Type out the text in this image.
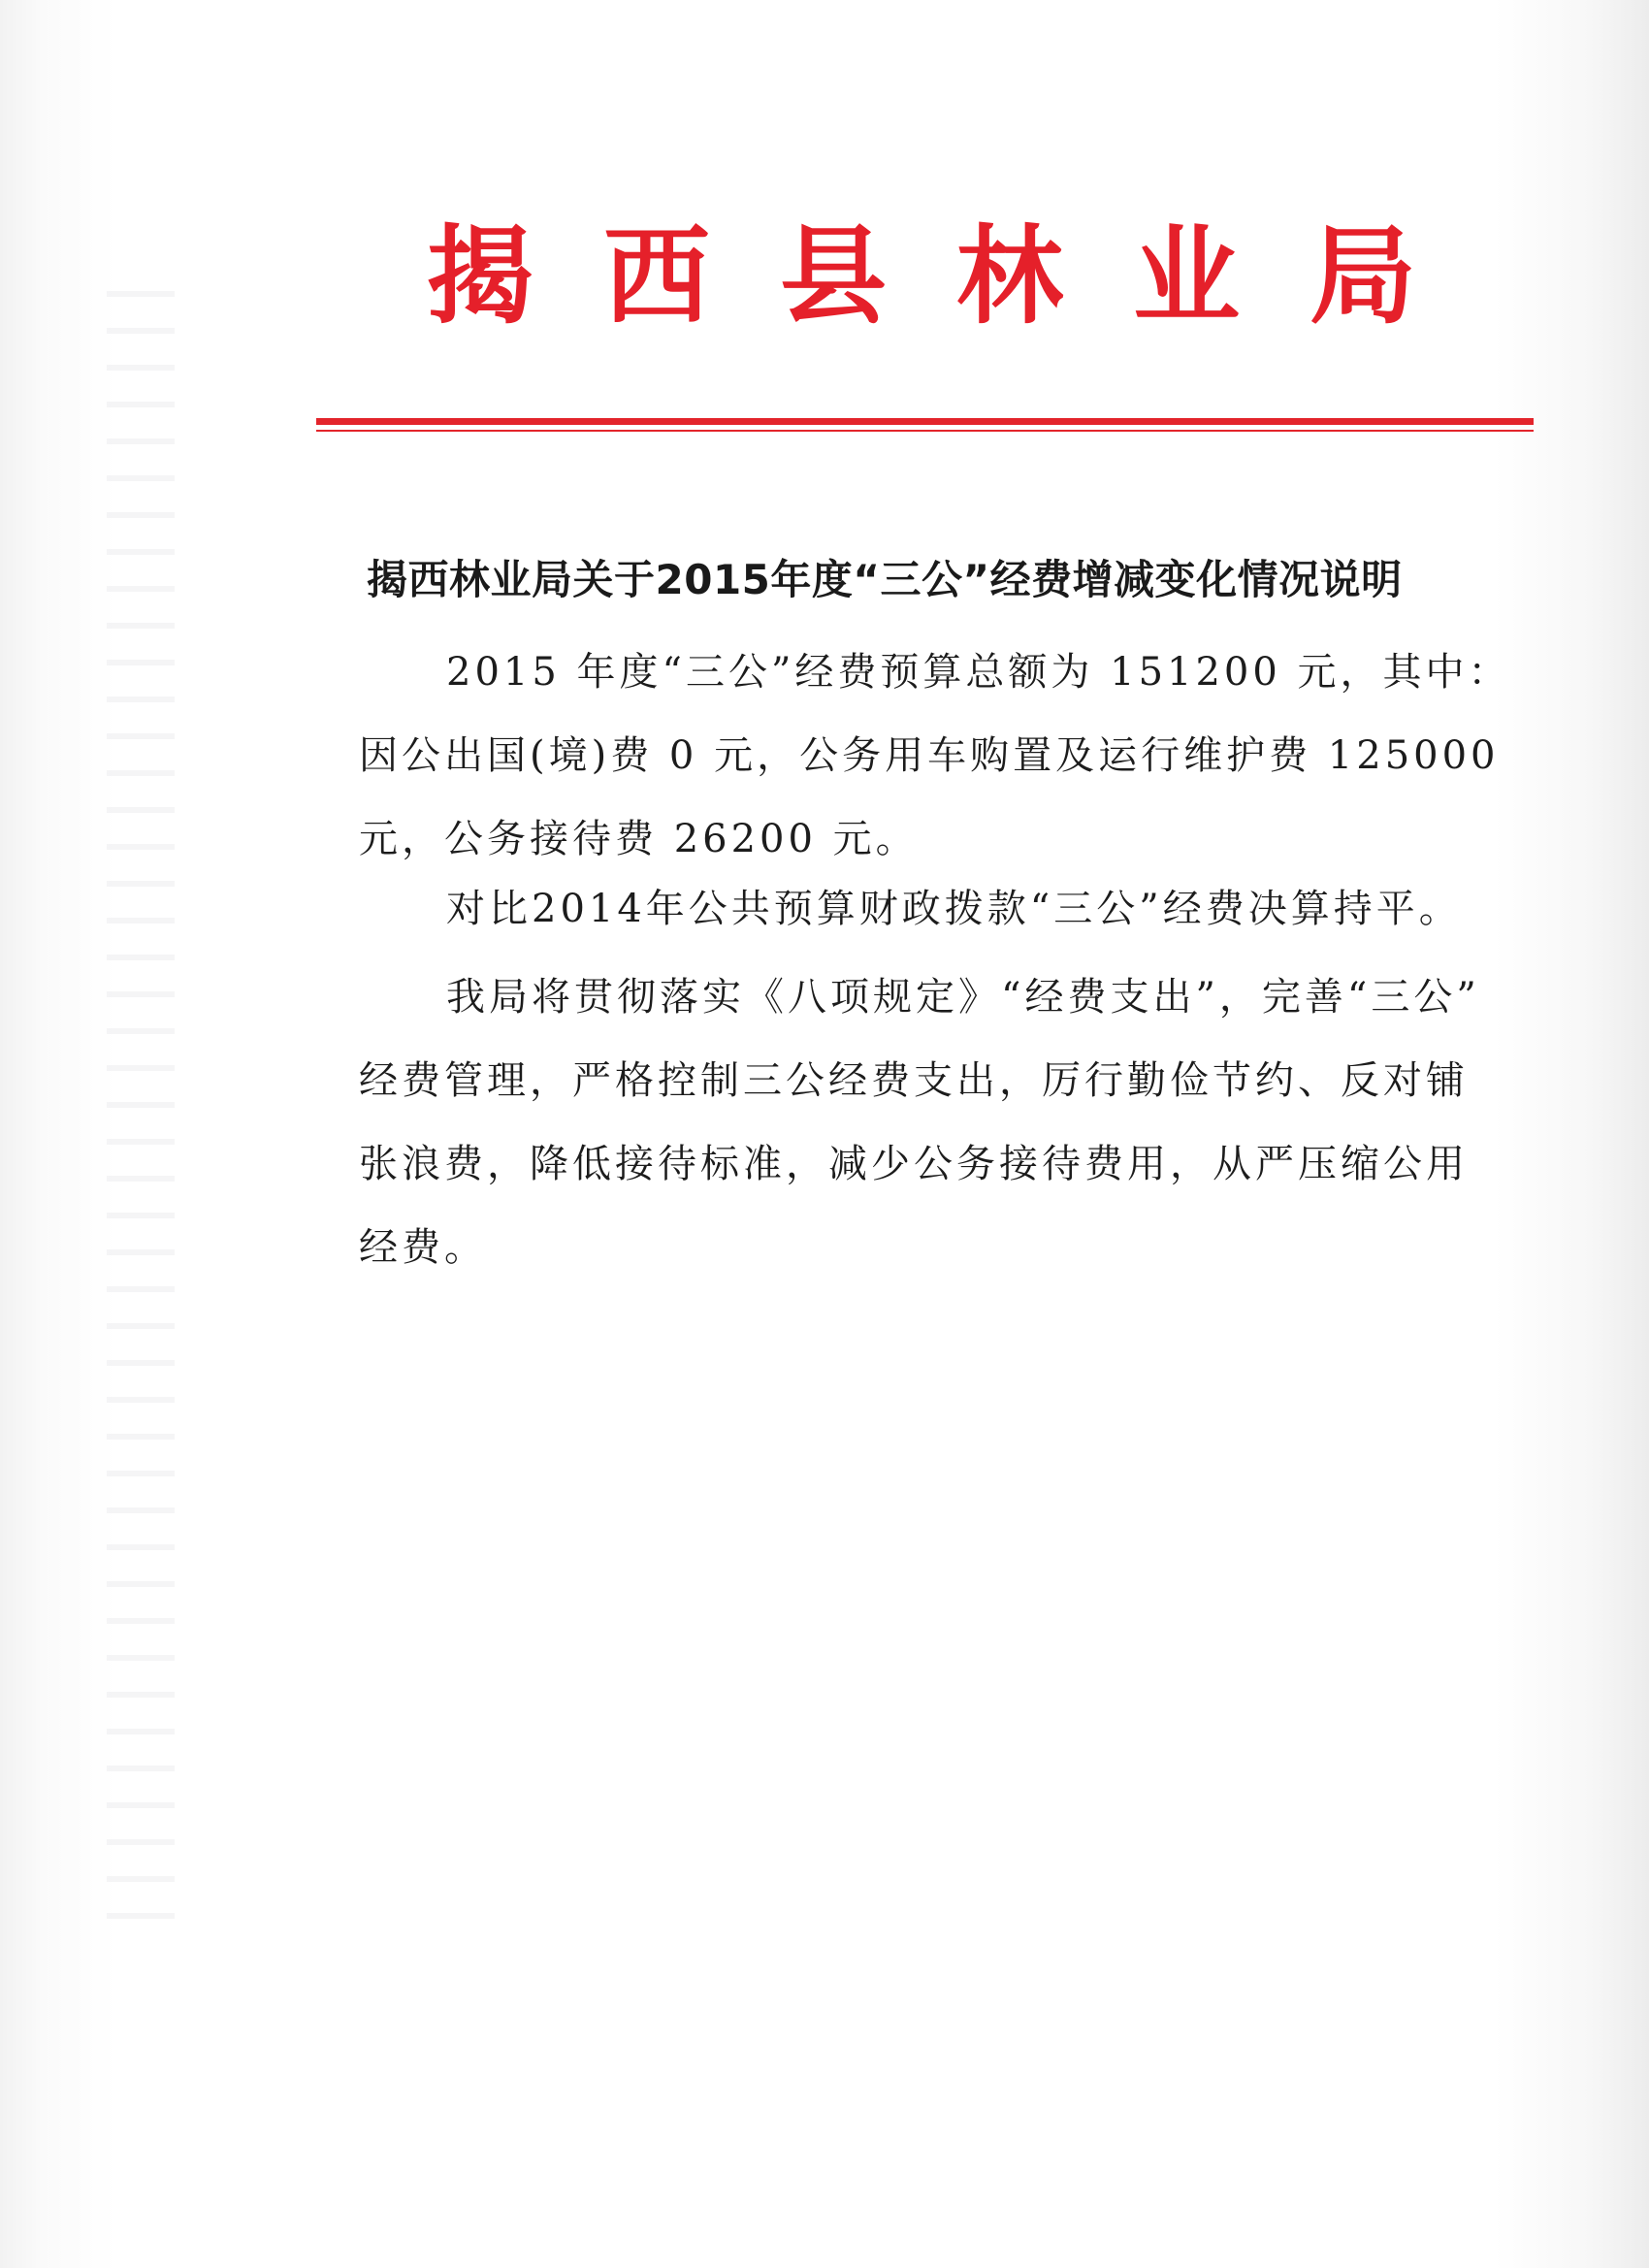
揭 西 县 林 业 局
揭西林业局关于2015年度“三公”经费增减变化情况说明
2015 年度“三公”经费预算总额为 151200 元，其中：
因公出国(境)费 0 元，公务用车购置及运行维护费 125000
元，公务接待费 26200 元。
对比2014年公共预算财政拨款“三公”经费决算持平。
我局将贯彻落实《八项规定》“经费支出”，完善“三公”
经费管理，严格控制三公经费支出，厉行勤俭节约、反对铺
张浪费，降低接待标准，减少公务接待费用，从严压缩公用
经费。
